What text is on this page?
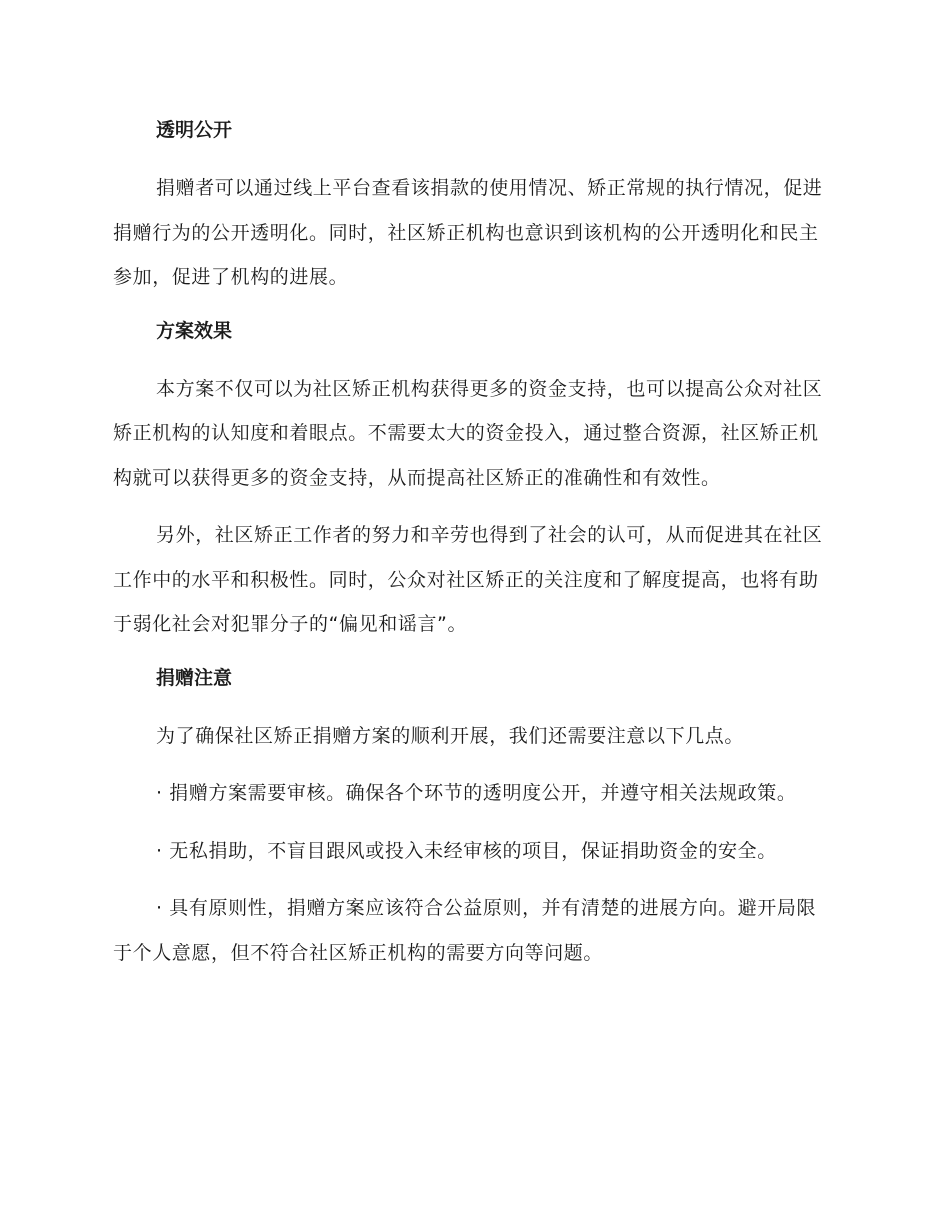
透明公开

捐赠者可以通过线上平台查看该捐款的使用情况、矫正常规的执行情况，促进捐赠行为的公开透明化。同时，社区矫正机构也意识到该机构的公开透明化和民主参加，促进了机构的进展。

方案效果

本方案不仅可以为社区矫正机构获得更多的资金支持，也可以提高公众对社区矫正机构的认知度和着眼点。不需要太大的资金投入，通过整合资源，社区矫正机构就可以获得更多的资金支持，从而提高社区矫正的准确性和有效性。

另外，社区矫正工作者的努力和辛劳也得到了社会的认可，从而促进其在社区工作中的水平和积极性。同时，公众对社区矫正的关注度和了解度提高，也将有助于弱化社会对犯罪分子的“偏见和谣言”。

捐赠注意

为了确保社区矫正捐赠方案的顺利开展，我们还需要注意以下几点。

· 捐赠方案需要审核。确保各个环节的透明度公开，并遵守相关法规政策。

· 无私捐助，不盲目跟风或投入未经审核的项目，保证捐助资金的安全。

· 具有原则性，捐赠方案应该符合公益原则，并有清楚的进展方向。避开局限于个人意愿，但不符合社区矫正机构的需要方向等问题。
